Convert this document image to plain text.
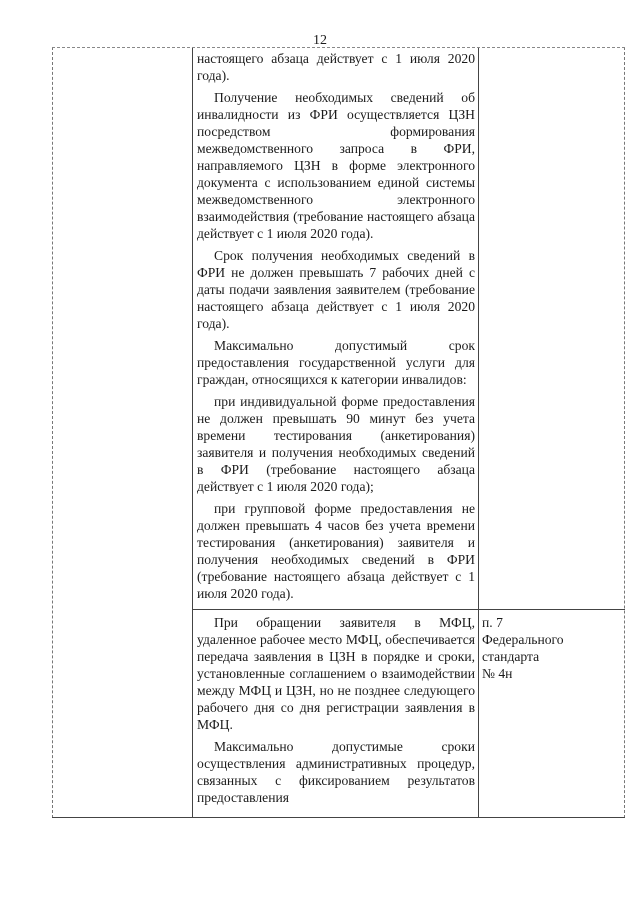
12

настоящего абзаца действует с 1 июля 2020 года).

Получение необходимых сведений об инвалидности из ФРИ осуществляется ЦЗН посредством формирования межведомственного запроса в ФРИ, направляемого ЦЗН в форме электронного документа с использованием единой системы межведомственного электронного взаимодействия (требование настоящего абзаца действует с 1 июля 2020 года).

Срок получения необходимых сведений в ФРИ не должен превышать 7 рабочих дней с даты подачи заявления заявителем (требование настоящего абзаца действует с 1 июля 2020 года).

Максимально допустимый срок предоставления государственной услуги для граждан, относящихся к категории инвалидов:

при индивидуальной форме предоставления не должен превышать 90 минут без учета времени тестирования (анкетирования) заявителя и получения необходимых сведений в ФРИ (требование настоящего абзаца действует с 1 июля 2020 года);

при групповой форме предоставления не должен превышать 4 часов без учета времени тестирования (анкетирования) заявителя и получения необходимых сведений в ФРИ (требование настоящего абзаца действует с 1 июля 2020 года).

При обращении заявителя в МФЦ, удаленное рабочее место МФЦ, обеспечивается передача заявления в ЦЗН в порядке и сроки, установленные соглашением о взаимодействии между МФЦ и ЦЗН, но не позднее следующего рабочего дня со дня регистрации заявления в МФЦ.

Максимально допустимые сроки осуществления административных процедур, связанных с фиксированием результатов предоставления

п. 7
Федерального
стандарта
№ 4н
